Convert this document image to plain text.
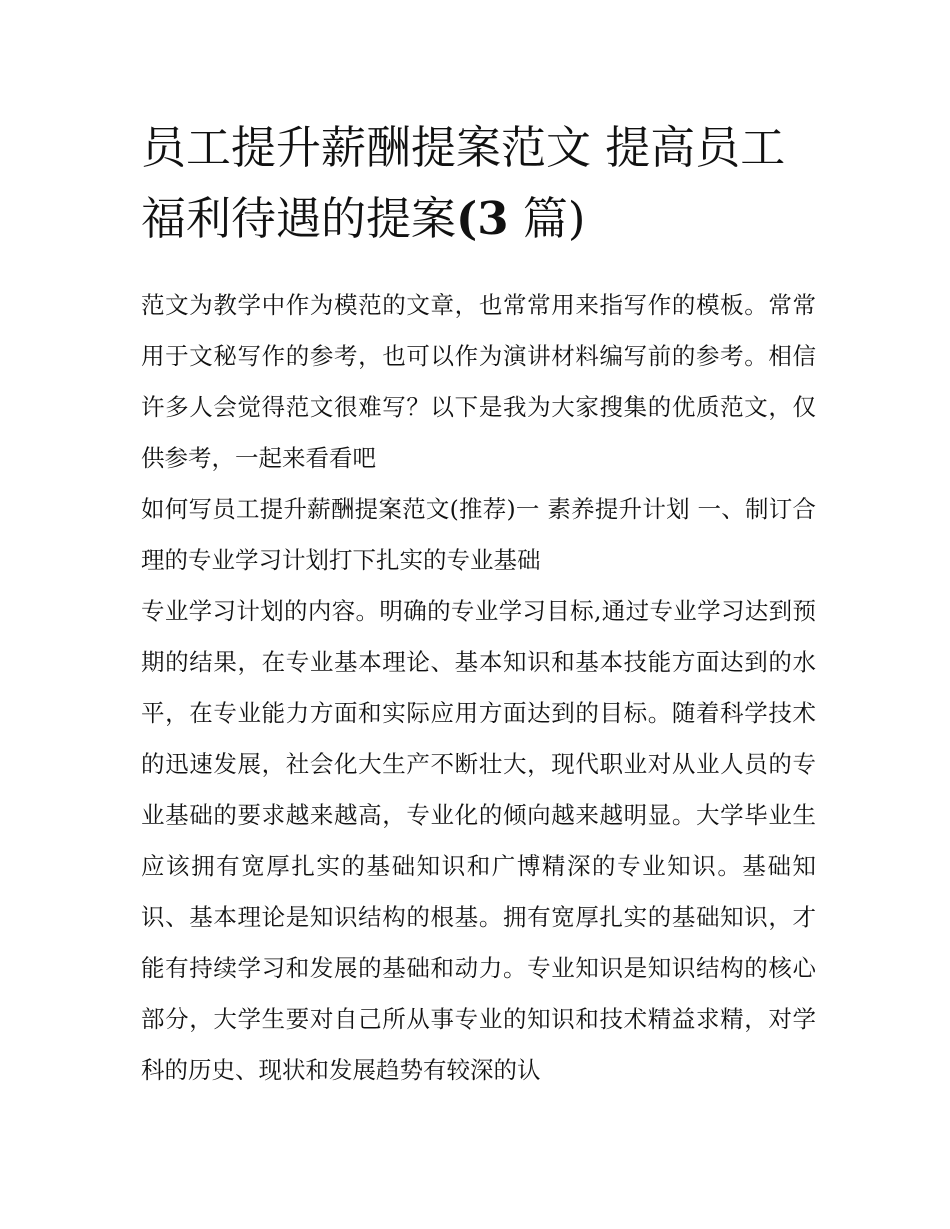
员工提升薪酬提案范文 提高员工福利待遇的提案(3 篇)

范文为教学中作为模范的文章，也常常用来指写作的模板。常常用于文秘写作的参考，也可以作为演讲材料编写前的参考。相信许多人会觉得范文很难写？以下是我为大家搜集的优质范文，仅供参考，一起来看看吧

如何写员工提升薪酬提案范文(推荐)一 素养提升计划 一、制订合理的专业学习计划打下扎实的专业基础

专业学习计划的内容。明确的专业学习目标,通过专业学习达到预期的结果，在专业基本理论、基本知识和基本技能方面达到的水平，在专业能力方面和实际应用方面达到的目标。随着科学技术的迅速发展，社会化大生产不断壮大，现代职业对从业人员的专业基础的要求越来越高，专业化的倾向越来越明显。大学毕业生应该拥有宽厚扎实的基础知识和广博精深的专业知识。基础知识、基本理论是知识结构的根基。拥有宽厚扎实的基础知识，才能有持续学习和发展的基础和动力。专业知识是知识结构的核心部分，大学生要对自己所从事专业的知识和技术精益求精，对学科的历史、现状和发展趋势有较深的认
